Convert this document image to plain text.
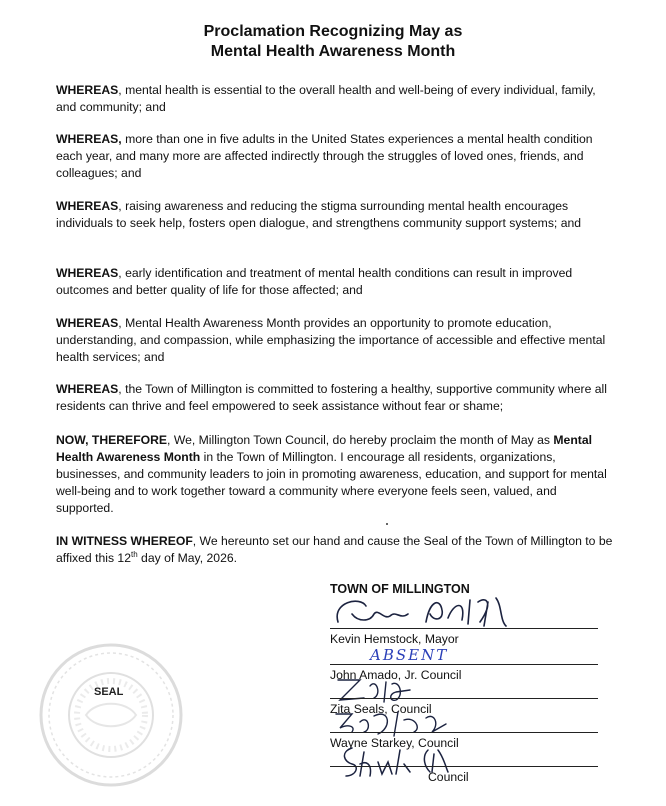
Proclamation Recognizing May as
Mental Health Awareness Month

WHEREAS, mental health is essential to the overall health and well-being of every individual, family, and community; and

WHEREAS, more than one in five adults in the United States experiences a mental health condition each year, and many more are affected indirectly through the struggles of loved ones, friends, and colleagues; and

WHEREAS, raising awareness and reducing the stigma surrounding mental health encourages individuals to seek help, fosters open dialogue, and strengthens community support systems; and

WHEREAS, early identification and treatment of mental health conditions can result in improved outcomes and better quality of life for those affected; and

WHEREAS, Mental Health Awareness Month provides an opportunity to promote education, understanding, and compassion, while emphasizing the importance of accessible and effective mental health services; and

WHEREAS, the Town of Millington is committed to fostering a healthy, supportive community where all residents can thrive and feel empowered to seek assistance without fear or shame;

NOW, THEREFORE, We, Millington Town Council, do hereby proclaim the month of May as Mental Health Awareness Month in the Town of Millington. I encourage all residents, organizations, businesses, and community leaders to join in promoting awareness, education, and support for mental well-being and to work together toward a community where everyone feels seen, valued, and supported.

IN WITNESS WHEREOF, We hereunto set our hand and cause the Seal of the Town of Millington to be affixed this 12th day of May, 2026.

TOWN OF MILLINGTON
Kevin Hemstock, Mayor
ABSENT
John Amado, Jr. Council
Zita Seals, Council
Wayne Starkey, Council
Council
SEAL
